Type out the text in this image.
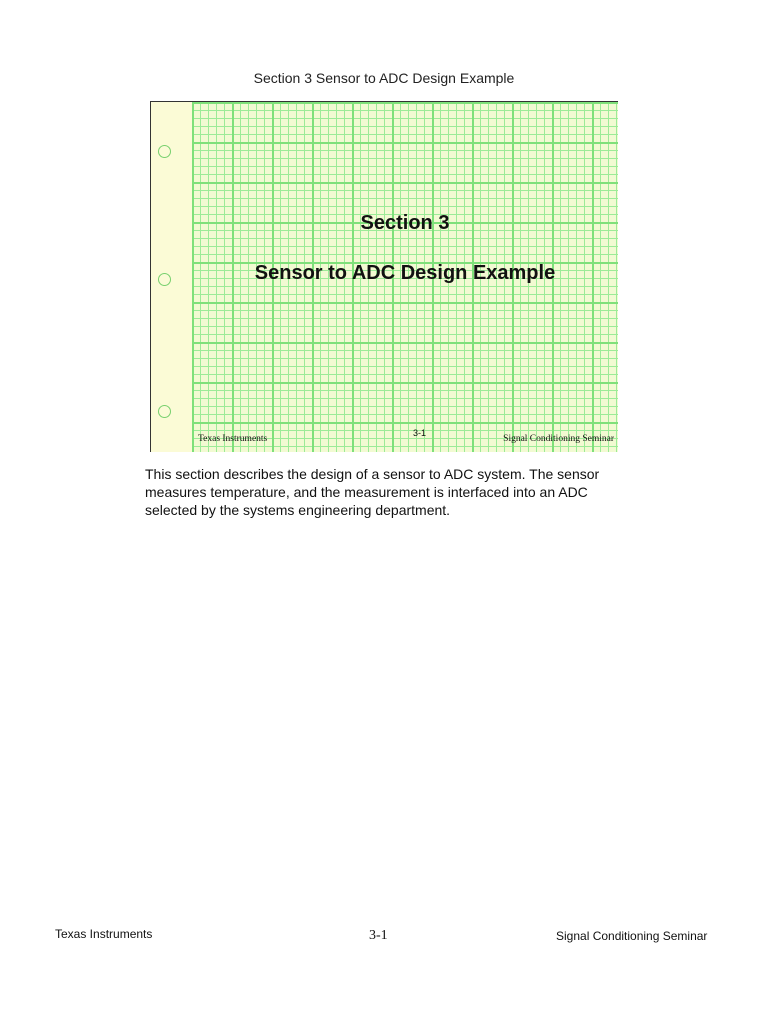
Section 3 Sensor to ADC Design Example
Section 3
Sensor to ADC Design Example
3-1
Texas Instruments	Signal Conditioning Seminar
This section describes the design of a sensor to ADC system. The sensor measures temperature, and the measurement is interfaced into an ADC selected by the systems engineering department.
Texas Instruments	3-1	Signal Conditioning Seminar
